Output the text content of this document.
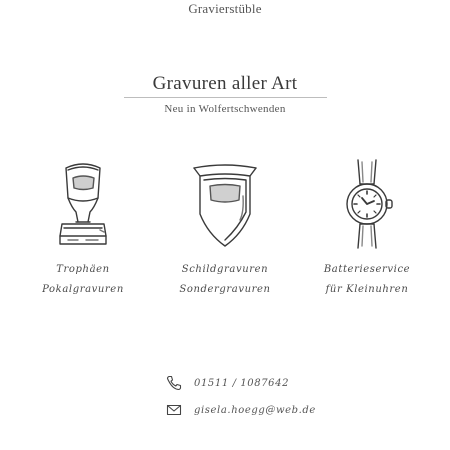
Gravierstüble
Gravuren aller Art
Neu in Wolfertschwenden
Trophäen
Pokalgravuren
Schildgravuren
Sondergravuren
Batterieservice
für Kleinuhren
01511 / 1087642
gisela.hoegg@web.de
